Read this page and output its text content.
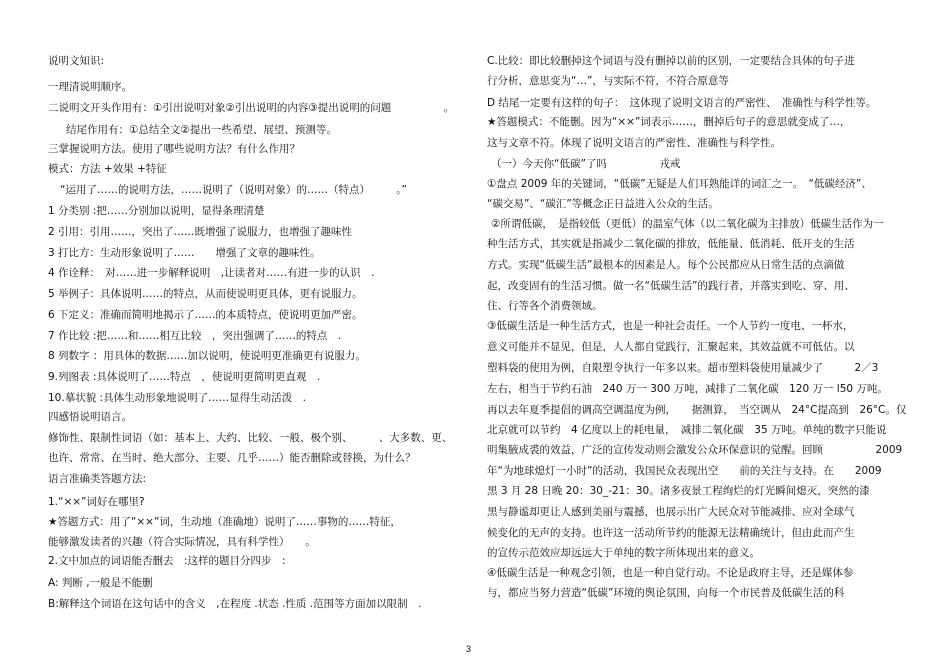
说明文知识:
一理清说明顺序。
二说明文开头作用有：①引出说明对象②引出说明的内容③提出说明的问题　　　　　。
结尾作用有：①总结全文②提出一些希望、展望、预测等。
三掌握说明方法。使用了哪些说明方法？有什么作用？
模式：方法 +效果 +特征
“运用了……的说明方法，……说明了（说明对象）的……（特点）　　　。”
1 分类别 :把……分别加以说明，显得条理清楚
2 引用：引用……，突出了……既增强了说服力，也增强了趣味性
3 打比方：生动形象说明了……　　增强了文章的趣味性。
4 作诠释：　对……进一步解释说明　,让读者对……有进一步的认识　.
5 举例子：具体说明……的特点，从而使说明更具体，更有说服力。
6 下定义：准确而简明地揭示了……的本质特点，使说明更加严密。
7 作比较 :把……和……相互比较　，突出强调了……的特点　.
8 列数字 ：用具体的数据……加以说明，使说明更准确更有说服力。
9.列图表 :具体说明了……特点　，使说明更简明更直观　.
10.摹状貌 :具体生动形象地说明了……显得生动活泼　.
四感悟说明语言。
修饰性、限制性词语（如：基本上、大约、比较、一般、极个别、　　　、大多数、更、
也许、常常、在当时、绝大部分、主要、几乎……）能否删除或替换，为什么？
语言准确类答题方法:
1.“××”词好在哪里?
★答题方式：用了“××”词，生动地（准确地）说明了……事物的……特征，
能够激发读者的兴趣（符合实际情况，具有科学性）　　。
2.文中加点的词语能否删去　:这样的题目分四步　:
A: 判断 ,一般是不能删
B:解释这个词语在这句话中的含义　,在程度 .状态 .性质 .范围等方面加以限制　.
C.比较：即比较删掉这个词语与没有删掉以前的区别，一定要结合具体的句子进
行分析，意思变为“…”，与实际不符，不符合原意等
D 结尾一定要有这样的句子：　这体现了说明文语言的严密性、　准确性与科学性等。
★答题模式：不能删。因为“××”词表示……，删掉后句子的意思就变成了…，
这与文章不符。体现了说明文语言的严密性、准确性与科学性。
（一）今天你“低碳”了吗　　　　　戎戒
①盘点 2009 年的关键词，“低碳”无疑是人们耳熟能详的词汇之一。　“低碳经济”、
“碳交易”、“碳汇”等概念正日益进入公众的生活。
②所谓低碳，　是指较低（更低）的温室气体（以二氧化碳为主排放）低碳生活作为一
种生活方式，其实就是指减少二氧化碳的排放，低能量、低消耗、低开支的生活
方式。实现“低碳生活”最根本的因素是人。每个公民都应从日常生活的点滴做
起，改变固有的生活习惯。做一名“低碳生活”的践行者，并落实到吃、穿、用、
住、行等各个消费领域。
③低碳生活是一种生活方式，也是一种社会责任。一个人节约一度电、一杯水，
意义可能并不显见，但是，人人都自觉践行，汇聚起来，其效益就不可低估。以
塑料袋的使用为例，自限塑令执行一年多以来。超市塑料袋使用量减少了　　　2／3
左右，相当于节约石油　240 万一 300 万吨，减排了二氧化碳　120 万一 l50 万吨。
再以去年夏季提倡的调高空调温度为例，　　据测算，　当空调从　24°C提高到　26°C。仅
北京就可以节约　4 亿度以上的耗电量，　减排二氧化碳　35 万吨。单纯的数字只能说
明集腋成裘的效益，广泛的宣传发动则会激发公众环保意识的觉醒。回顾　　　　　2009
年“为地球熄灯一小时”的活动，我国民众表现出空　　前的关注与支持。在　　2009
黑 3 月 28 日晚 20：30_-21：30。诸多夜景工程绚烂的灯光瞬间熄灭，突然的漆
黑与静谧却更让人感到美丽与震撼，也展示出广大民众对节能减排、应对全球气
候变化的无声的支持。也许这一活动所节约的能源无法精确统计，但由此而产生
的宣传示范效应却远远大于单纯的数字所体现出来的意义。
④低碳生活是一种观念引领，也是一种自觉行动。不论是政府主导，还是媒体参
与，都应当努力营造“低碳”环境的舆论氛围，向每一个市民普及低碳生活的科
3
